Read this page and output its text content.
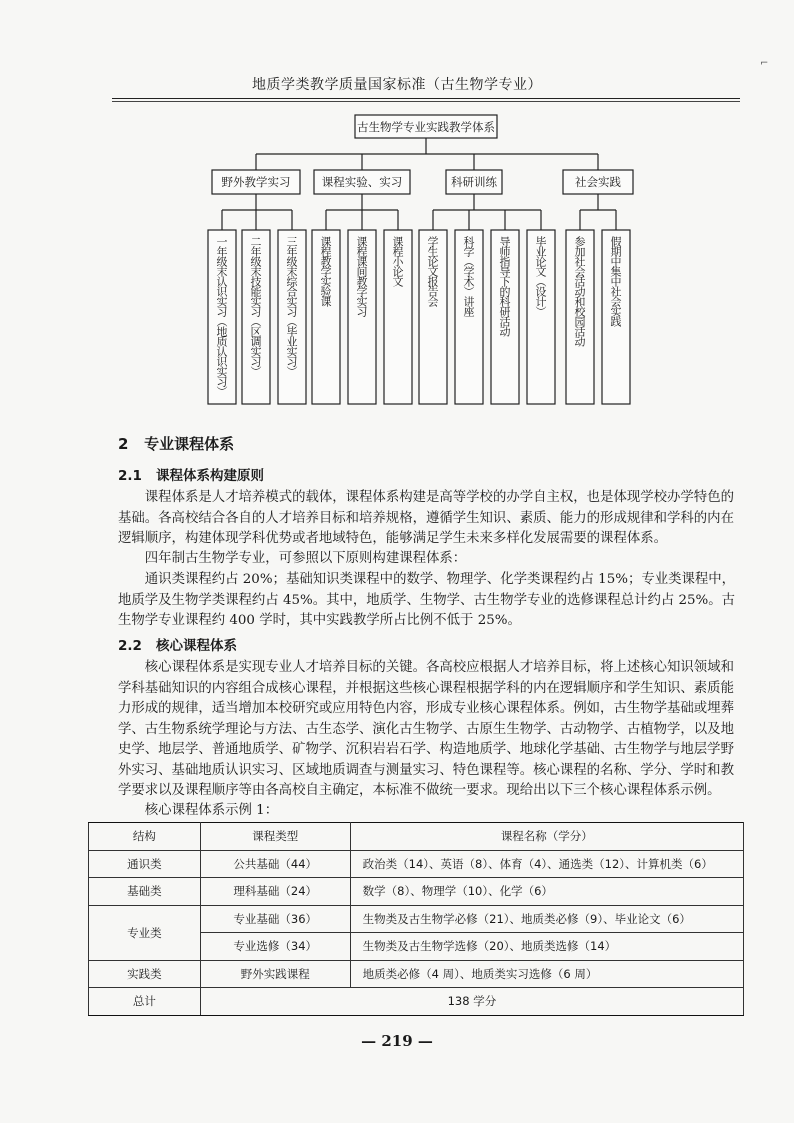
⌐
地质学类教学质量国家标准（古生物学专业）
古生物学专业实践教学体系
野外教学实习	课程实验、实习	科研训练	社会实践
一年级末认识实习（地质认识实习） 二年级末技能实习（区调实习） 三年级末综合实习（毕业实习） 课程教学实验课 课程课间教学实习 课程小论文 学生论文报告会 科学（学术）讲座 导师指导下的科研活动 毕业论文（设计） 参加社会活动和校园活动 假期中集中社会实践
2 专业课程体系
2.1 课程体系构建原则
课程体系是人才培养模式的载体，课程体系构建是高等学校的办学自主权，也是体现学校办学特色的
基础。各高校结合各自的人才培养目标和培养规格，遵循学生知识、素质、能力的形成规律和学科的内在
逻辑顺序，构建体现学科优势或者地域特色，能够满足学生未来多样化发展需要的课程体系。
四年制古生物学专业，可参照以下原则构建课程体系：
通识类课程约占 20%；基础知识类课程中的数学、物理学、化学类课程约占 15%；专业类课程中，
地质学及生物学类课程约占 45%。其中，地质学、生物学、古生物学专业的选修课程总计约占 25%。古
生物学专业课程约 400 学时，其中实践教学所占比例不低于 25%。
2.2 核心课程体系
核心课程体系是实现专业人才培养目标的关键。各高校应根据人才培养目标，将上述核心知识领域和
学科基础知识的内容组合成核心课程，并根据这些核心课程根据学科的内在逻辑顺序和学生知识、素质能
力形成的规律，适当增加本校研究或应用特色内容，形成专业核心课程体系。例如，古生物学基础或埋葬
学、古生物系统学理论与方法、古生态学、演化古生物学、古原生生物学、古动物学、古植物学，以及地
史学、地层学、普通地质学、矿物学、沉积岩岩石学、构造地质学、地球化学基础、古生物学与地层学野
外实习、基础地质认识实习、区域地质调查与测量实习、特色课程等。核心课程的名称、学分、学时和教
学要求以及课程顺序等由各高校自主确定，本标准不做统一要求。现给出以下三个核心课程体系示例。
核心课程体系示例 1：
结构	课程类型	课程名称（学分）
通识类	公共基础（44）	政治类（14）、英语（8）、体育（4）、通选类（12）、计算机类（6）
基础类	理科基础（24）	数学（8）、物理学（10）、化学（6）
专业类	专业基础（36）	生物类及古生物学必修（21）、地质类必修（9）、毕业论文（6）
	专业选修（34）	生物类及古生物学选修（20）、地质类选修（14）
实践类	野外实践课程	地质类必修（4 周）、地质类实习选修（6 周）
总计	138 学分	
— 219 —
